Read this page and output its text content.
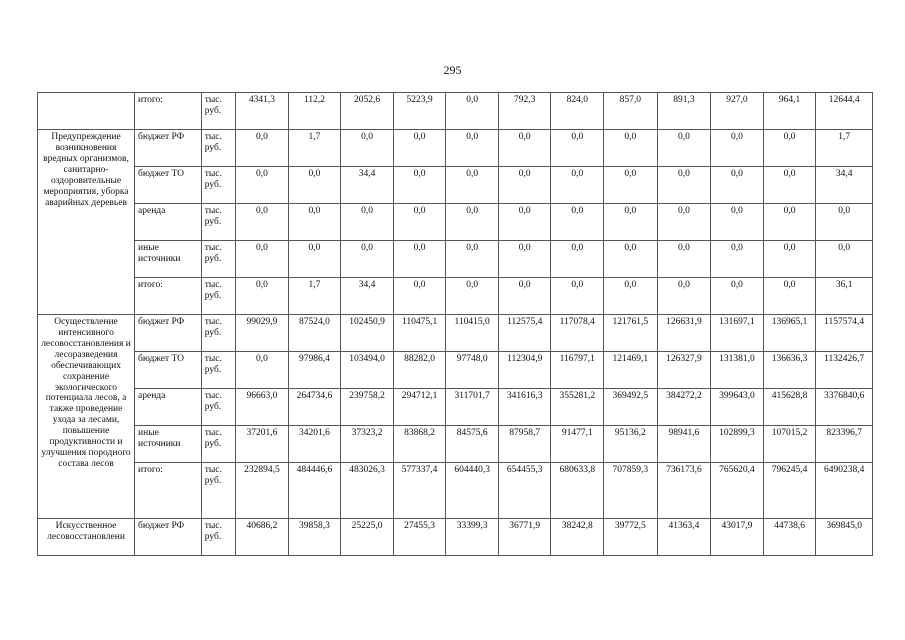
295
	итого:	тыс. руб.	4341,3	112,2	2052,6	5223,9	0,0	792,3	824,0	857,0	891,3	927,0	964,1	12644,4
Предупреждение возникновения вредных организмов, санитарно-оздоровительные мероприятия, уборка аварийных деревьев	бюджет РФ	тыс. руб.	0,0	1,7	0,0	0,0	0,0	0,0	0,0	0,0	0,0	0,0	0,0	1,7
	бюджет ТО	тыс. руб.	0,0	0,0	34,4	0,0	0,0	0,0	0,0	0,0	0,0	0,0	0,0	34,4
	аренда	тыс. руб.	0,0	0,0	0,0	0,0	0,0	0,0	0,0	0,0	0,0	0,0	0,0	0,0
	иные источники	тыс. руб.	0,0	0,0	0,0	0,0	0,0	0,0	0,0	0,0	0,0	0,0	0,0	0,0
	итого:	тыс. руб.	0,0	1,7	34,4	0,0	0,0	0,0	0,0	0,0	0,0	0,0	0,0	36,1
Осуществление интенсивного лесовосстановления и лесоразведения обеспечивающих сохранение экологического потенциала лесов, а также проведение ухода за лесами, повышение продуктивности и улучшения породного состава лесов	бюджет РФ	тыс. руб.	99029,9	87524,0	102450,9	110475,1	110415,0	112575,4	117078,4	121761,5	126631,9	131697,1	136965,1	1157574,4
	бюджет ТО	тыс. руб.	0,0	97986,4	103494,0	88282,0	97748,0	112304,9	116797,1	121469,1	126327,9	131381,0	136636,3	1132426,7
	аренда	тыс. руб.	96663,0	264734,6	239758,2	294712,1	311701,7	341616,3	355281,2	369492,5	384272,2	399643,0	415628,8	3376840,6
	иные источники	тыс. руб.	37201,6	34201,6	37323,2	83868,2	84575,6	87958,7	91477,1	95136,2	98941,6	102899,3	107015,2	823396,7
	итого:	тыс. руб.	232894,5	484446,6	483026,3	577337,4	604440,3	654455,3	680633,8	707859,3	736173,6	765620,4	796245,4	6490238,4
Искусственное лесовосстановлени	бюджет РФ	тыс. руб.	40686,2	39858,3	25225,0	27455,3	33399,3	36771,9	38242,8	39772,5	41363,4	43017,9	44738,6	369845,0
